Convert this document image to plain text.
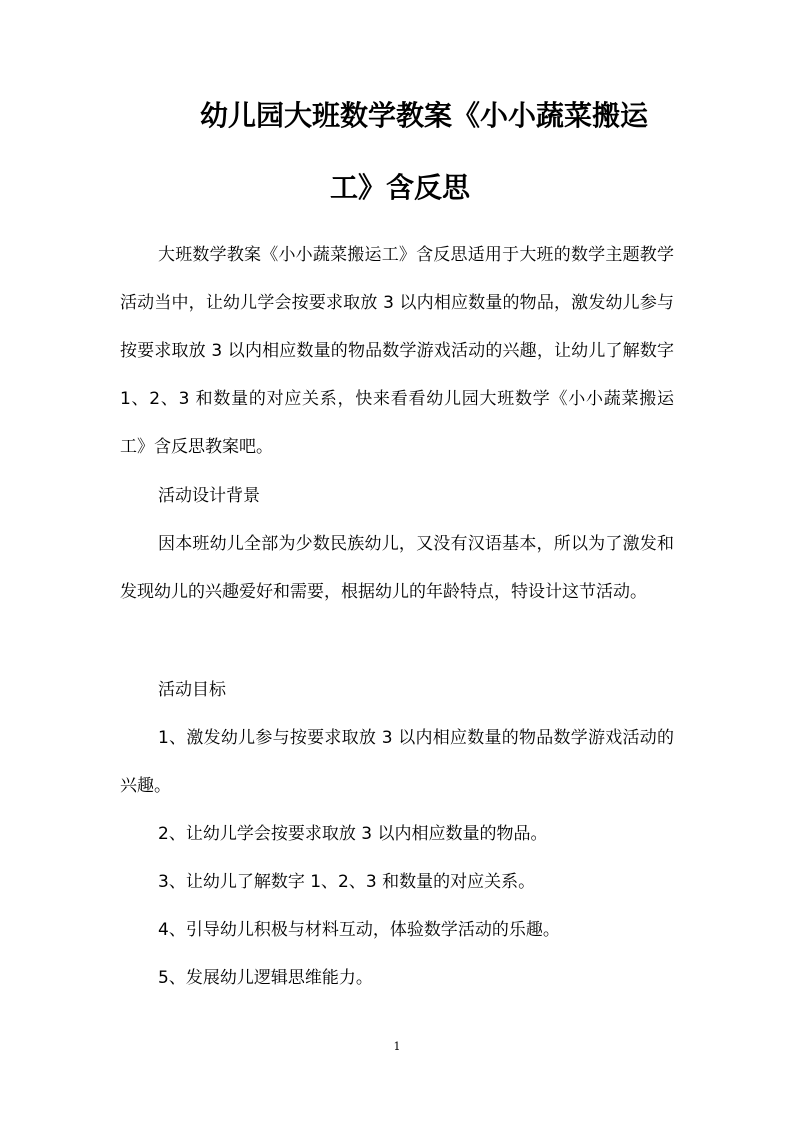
幼儿园大班数学教案《小小蔬菜搬运
工》含反思
大班数学教案《小小蔬菜搬运工》含反思适用于大班的数学主题教学活动当中，让幼儿学会按要求取放 3 以内相应数量的物品，激发幼儿参与按要求取放 3 以内相应数量的物品数学游戏活动的兴趣，让幼儿了解数字 1、2、3 和数量的对应关系，快来看看幼儿园大班数学《小小蔬菜搬运工》含反思教案吧。
活动设计背景
因本班幼儿全部为少数民族幼儿，又没有汉语基本，所以为了激发和发现幼儿的兴趣爱好和需要，根据幼儿的年龄特点，特设计这节活动。
活动目标
1、激发幼儿参与按要求取放 3 以内相应数量的物品数学游戏活动的兴趣。
2、让幼儿学会按要求取放 3 以内相应数量的物品。
3、让幼儿了解数字 1、2、3 和数量的对应关系。
4、引导幼儿积极与材料互动，体验数学活动的乐趣。
5、发展幼儿逻辑思维能力。
1
